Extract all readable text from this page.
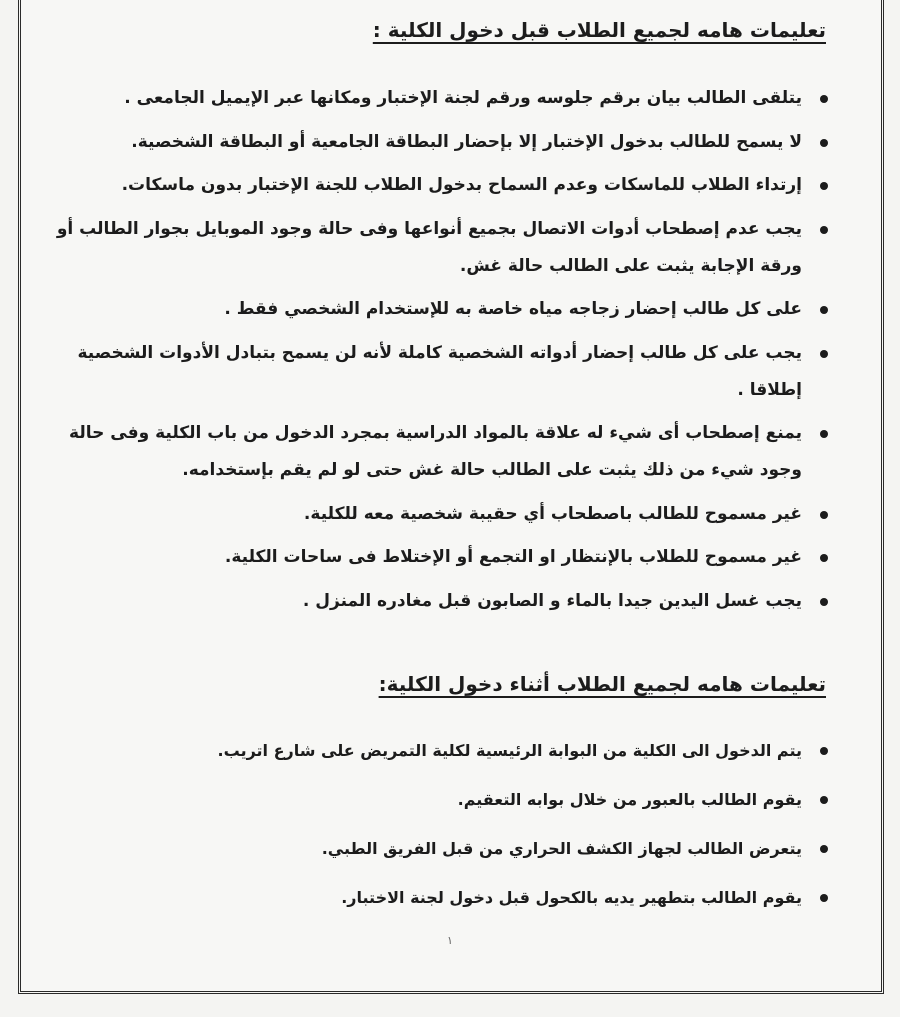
تعليمات هامه لجميع الطلاب قبل دخول الكلية :
يتلقى الطالب بيان برقم جلوسه ورقم لجنة الإختبار ومكانها عبر الإيميل الجامعى .
لا يسمح للطالب بدخول الإختبار إلا بإحضار البطاقة الجامعية أو البطاقة الشخصية.
إرتداء الطلاب للماسكات وعدم السماح بدخول الطلاب للجنة الإختبار بدون ماسكات.
يجب عدم إصطحاب أدوات الاتصال بجميع أنواعها وفى حالة وجود الموبايل بجوار الطالب أو ورقة الإجابة يثبت على الطالب حالة غش.
على كل طالب إحضار زجاجه مياه خاصة به للإستخدام الشخصي فقط .
يجب على كل طالب إحضار أدواته الشخصية كاملة لأنه لن يسمح بتبادل الأدوات الشخصية إطلاقا .
يمنع إصطحاب أى شيء له علاقة بالمواد الدراسية بمجرد الدخول من باب الكلية وفى حالة وجود شيء من ذلك يثبت على الطالب حالة غش حتى لو لم يقم بإستخدامه.
غير مسموح للطالب باصطحاب أي حقيبة شخصية معه للكلية.
غير مسموح للطلاب بالإنتظار او التجمع أو الإختلاط فى ساحات الكلية.
يجب غسل اليدين جيدا بالماء و الصابون قبل مغادره المنزل .
تعليمات هامه لجميع الطلاب أثناء دخول الكلية:
يتم الدخول الى الكلية من البوابة الرئيسية لكلية التمريض على شارع اتريب.
يقوم الطالب بالعبور من خلال بوابه التعقيم.
يتعرض الطالب لجهاز الكشف الحراري من قبل الفريق الطبي.
يقوم الطالب بتطهير يديه بالكحول قبل دخول لجنة الاختبار.
١
